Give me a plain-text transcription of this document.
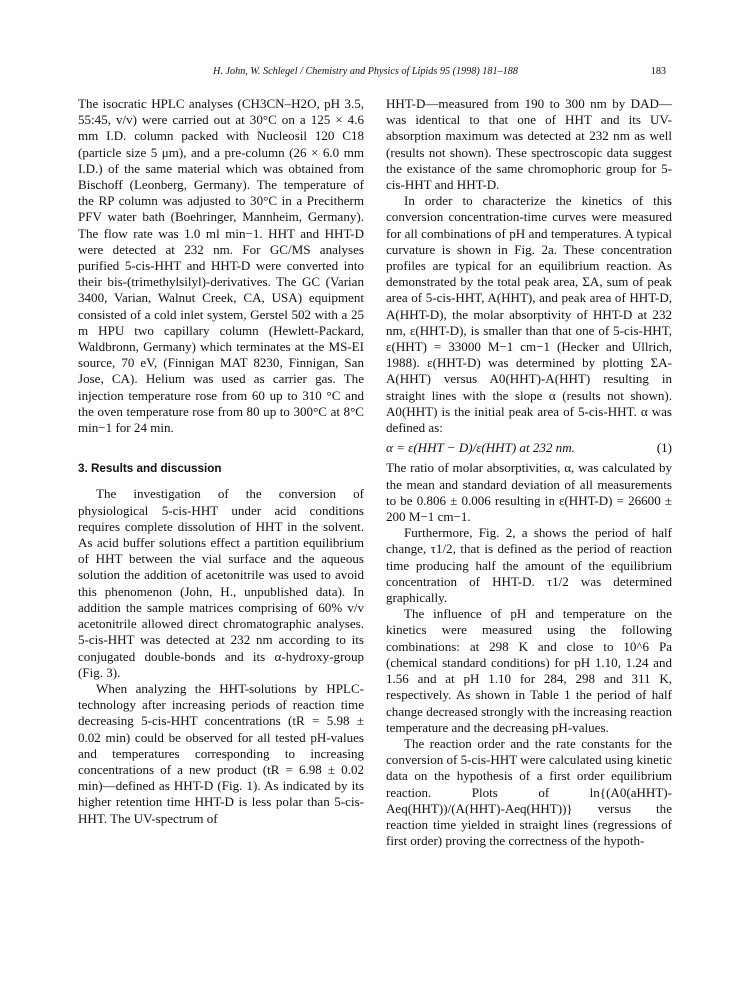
H. John, W. Schlegel / Chemistry and Physics of Lipids 95 (1998) 181–188	183

The isocratic HPLC analyses (CH3CN–H2O, pH 3.5, 55:45, v/v) were carried out at 30°C on a 125 × 4.6 mm I.D. column packed with Nucleosil 120 C18 (particle size 5 μm), and a pre-column (26 × 6.0 mm I.D.) of the same material which was obtained from Bischoff (Leonberg, Germany). The temperature of the RP column was adjusted to 30°C in a Precitherm PFV water bath (Boehringer, Mannheim, Germany). The flow rate was 1.0 ml min−1. HHT and HHT-D were detected at 232 nm. For GC/MS analyses purified 5-cis-HHT and HHT-D were converted into their bis-(trimethylsilyl)-derivatives. The GC (Varian 3400, Varian, Walnut Creek, CA, USA) equipment consisted of a cold inlet system, Gerstel 502 with a 25 m HPU two capillary column (Hewlett-Packard, Waldbronn, Germany) which terminates at the MS-EI source, 70 eV, (Finnigan MAT 8230, Finnigan, San Jose, CA). Helium was used as carrier gas. The injection temperature rose from 60 up to 310 °C and the oven temperature rose from 80 up to 300°C at 8°C min−1 for 24 min.

3. Results and discussion

The investigation of the conversion of physiological 5-cis-HHT under acid conditions requires complete dissolution of HHT in the solvent. As acid buffer solutions effect a partition equilibrium of HHT between the vial surface and the aqueous solution the addition of acetonitrile was used to avoid this phenomenon (John, H., unpublished data). In addition the sample matrices comprising of 60% v/v acetonitrile allowed direct chromatographic analyses. 5-cis-HHT was detected at 232 nm according to its conjugated double-bonds and its α-hydroxy-group (Fig. 3).

When analyzing the HHT-solutions by HPLC-technology after increasing periods of reaction time decreasing 5-cis-HHT concentrations (tR = 5.98 ± 0.02 min) could be observed for all tested pH-values and temperatures corresponding to increasing concentrations of a new product (tR = 6.98 ± 0.02 min)—defined as HHT-D (Fig. 1). As indicated by its higher retention time HHT-D is less polar than 5-cis-HHT. The UV-spectrum of

HHT-D—measured from 190 to 300 nm by DAD—was identical to that one of HHT and its UV-absorption maximum was detected at 232 nm as well (results not shown). These spectroscopic data suggest the existance of the same chromophoric group for 5-cis-HHT and HHT-D.

In order to characterize the kinetics of this conversion concentration-time curves were measured for all combinations of pH and temperatures. A typical curvature is shown in Fig. 2a. These concentration profiles are typical for an equilibrium reaction. As demonstrated by the total peak area, ΣA, sum of peak area of 5-cis-HHT, A(HHT), and peak area of HHT-D, A(HHT-D), the molar absorptivity of HHT-D at 232 nm, ε(HHT-D), is smaller than that one of 5-cis-HHT, ε(HHT) = 33000 M−1 cm−1 (Hecker and Ullrich, 1988). ε(HHT-D) was determined by plotting ΣA-A(HHT) versus A0(HHT)-A(HHT) resulting in straight lines with the slope α (results not shown). A0(HHT) is the initial peak area of 5-cis-HHT. α was defined as:

α = ε(HHT − D)/ε(HHT) at 232 nm.	(1)

The ratio of molar absorptivities, α, was calculated by the mean and standard deviation of all measurements to be 0.806 ± 0.006 resulting in ε(HHT-D) = 26600 ± 200 M−1 cm−1.

Furthermore, Fig. 2, a shows the period of half change, τ1/2, that is defined as the period of reaction time producing half the amount of the equilibrium concentration of HHT-D. τ1/2 was determined graphically.

The influence of pH and temperature on the kinetics were measured using the following combinations: at 298 K and close to 10^6 Pa (chemical standard conditions) for pH 1.10, 1.24 and 1.56 and at pH 1.10 for 284, 298 and 311 K, respectively. As shown in Table 1 the period of half change decreased strongly with the increasing reaction temperature and the decreasing pH-values.

The reaction order and the rate constants for the conversion of 5-cis-HHT were calculated using kinetic data on the hypothesis of a first order equilibrium reaction. Plots of ln{(A0(aHHT)-Aeq(HHT))/(A(HHT)-Aeq(HHT))} versus the reaction time yielded in straight lines (regressions of first order) proving the correctness of the hypoth-
